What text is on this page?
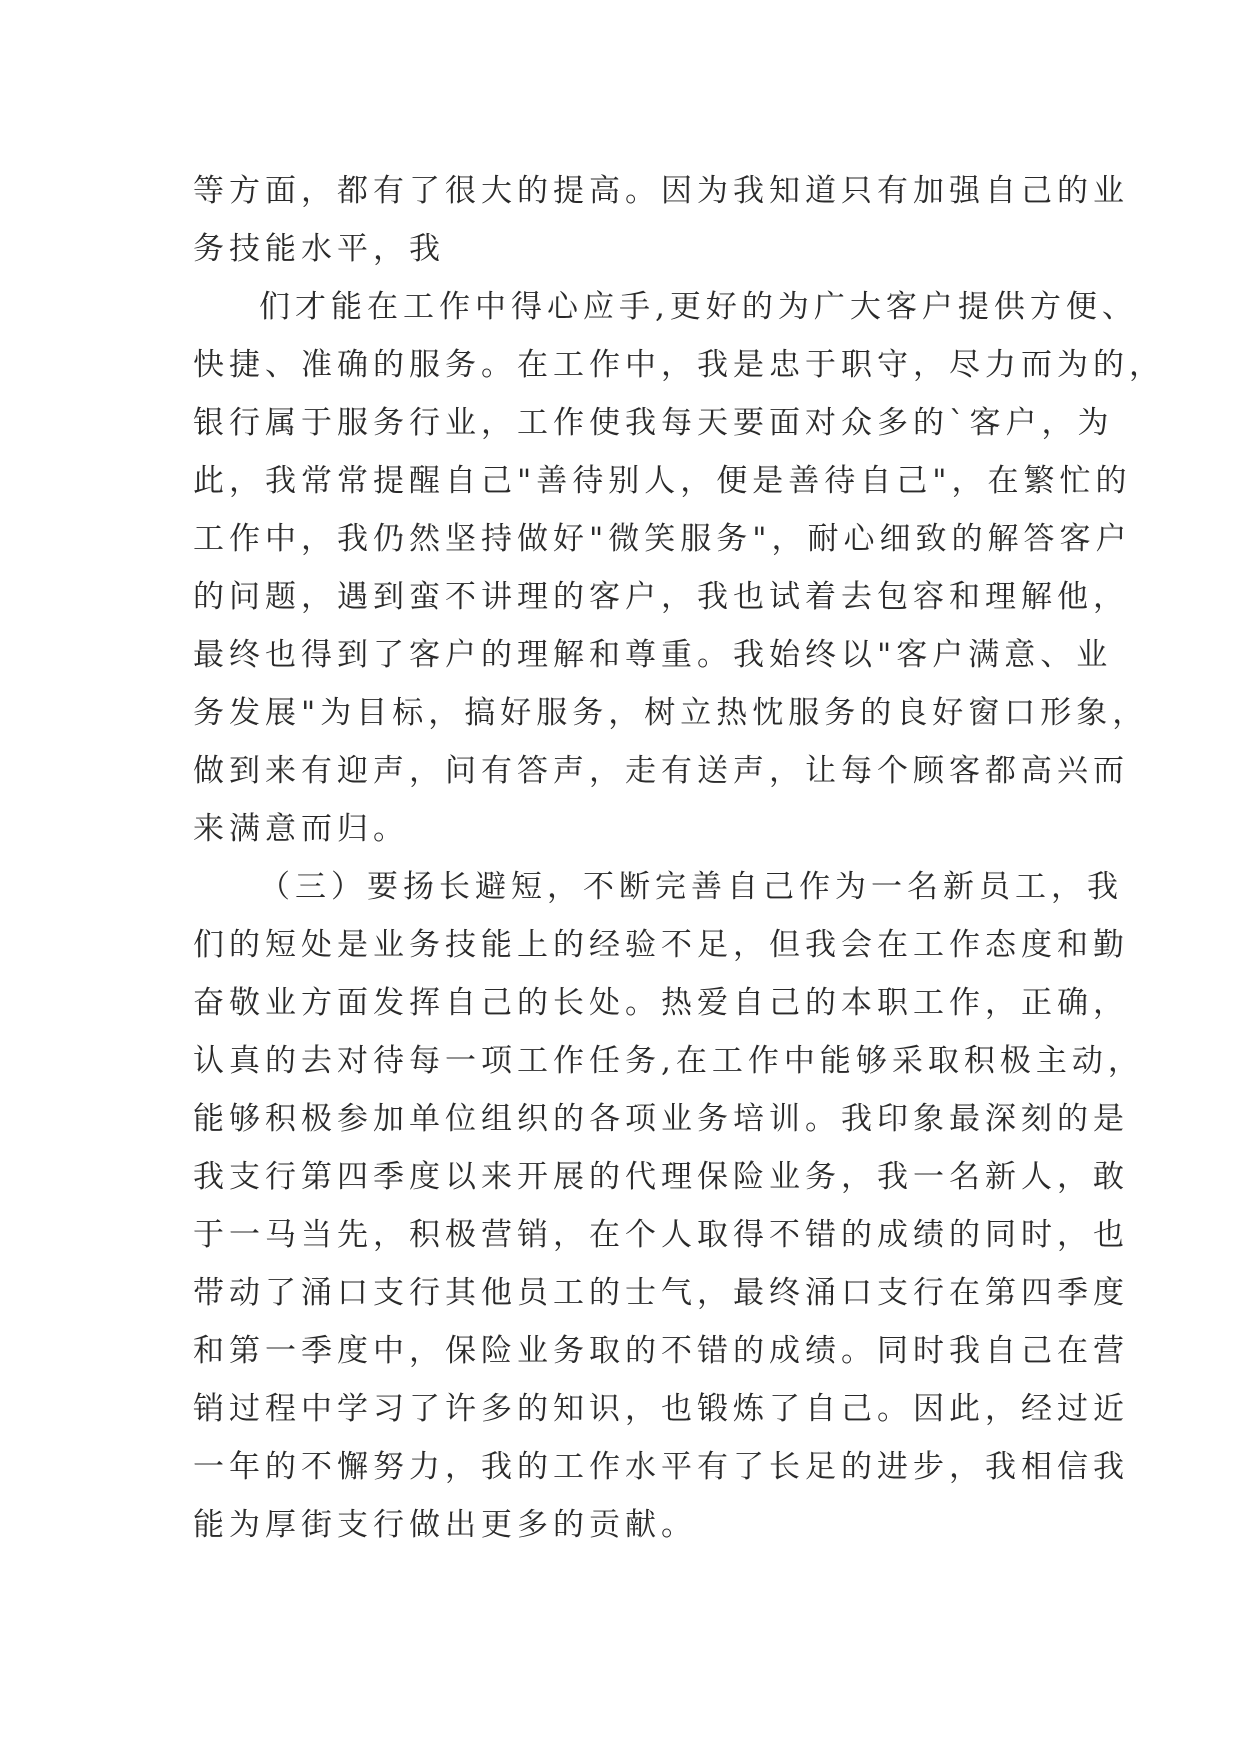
等方面，都有了很大的提高。因为我知道只有加强自己的业
务技能水平，我
们才能在工作中得心应手,更好的为广大客户提供方便、
快捷、准确的服务。在工作中，我是忠于职守，尽力而为的，
银行属于服务行业，工作使我每天要面对众多的`客户，为
此，我常常提醒自己"善待别人，便是善待自己"，在繁忙的
工作中，我仍然坚持做好"微笑服务"，耐心细致的解答客户
的问题，遇到蛮不讲理的客户，我也试着去包容和理解他，
最终也得到了客户的理解和尊重。我始终以"客户满意、业
务发展"为目标，搞好服务，树立热忱服务的良好窗口形象，
做到来有迎声，问有答声，走有送声，让每个顾客都高兴而
来满意而归。
（三）要扬长避短，不断完善自己作为一名新员工，我
们的短处是业务技能上的经验不足，但我会在工作态度和勤
奋敬业方面发挥自己的长处。热爱自己的本职工作，正确，
认真的去对待每一项工作任务,在工作中能够采取积极主动，
能够积极参加单位组织的各项业务培训。我印象最深刻的是
我支行第四季度以来开展的代理保险业务，我一名新人，敢
于一马当先，积极营销，在个人取得不错的成绩的同时，也
带动了涌口支行其他员工的士气，最终涌口支行在第四季度
和第一季度中，保险业务取的不错的成绩。同时我自己在营
销过程中学习了许多的知识，也锻炼了自己。因此，经过近
一年的不懈努力，我的工作水平有了长足的进步，我相信我
能为厚街支行做出更多的贡献。
